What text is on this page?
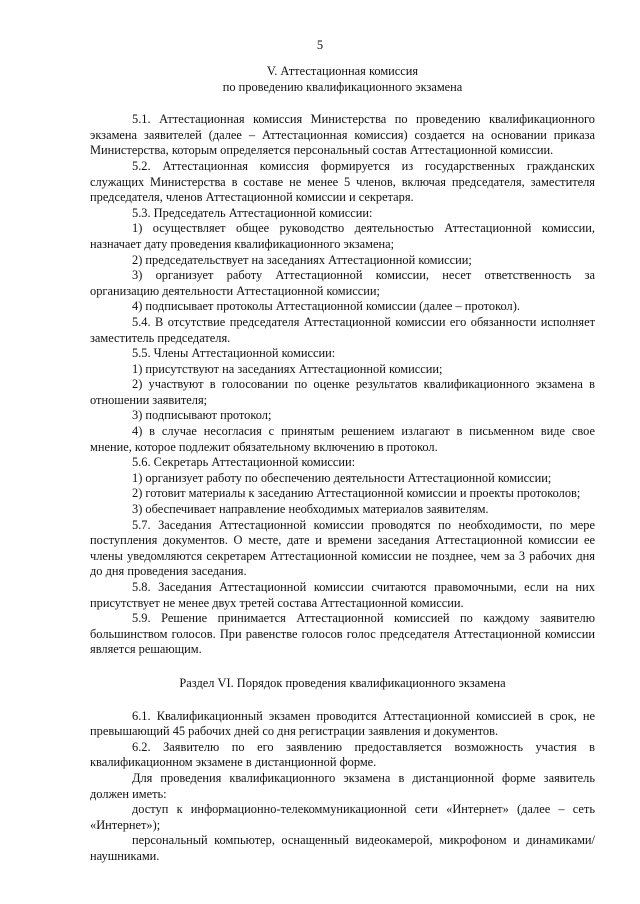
5

V. Аттестационная комиссия

по проведению квалификационного экзамена

5.1. Аттестационная комиссия Министерства по проведению квалификационного экзамена заявителей (далее – Аттестационная комиссия) создается на основании приказа Министерства, которым определяется персональный состав Аттестационной комиссии.

5.2. Аттестационная комиссия формируется из государственных гражданских служащих Министерства в составе не менее 5 членов, включая председателя, заместителя председателя, членов Аттестационной комиссии и секретаря.

5.3. Председатель Аттестационной комиссии:

1) осуществляет общее руководство деятельностью Аттестационной комиссии, назначает дату проведения квалификационного экзамена;

2) председательствует на заседаниях Аттестационной комиссии;

3) организует работу Аттестационной комиссии, несет ответственность за организацию деятельности Аттестационной комиссии;

4) подписывает протоколы Аттестационной комиссии (далее – протокол).

5.4. В отсутствие председателя Аттестационной комиссии его обязанности исполняет заместитель председателя.

5.5. Члены Аттестационной комиссии:

1) присутствуют на заседаниях Аттестационной комиссии;

2) участвуют в голосовании по оценке результатов квалификационного экзамена в отношении заявителя;

3) подписывают протокол;

4) в случае несогласия с принятым решением излагают в письменном виде свое мнение, которое подлежит обязательному включению в протокол.

5.6. Секретарь Аттестационной комиссии:

1) организует работу по обеспечению деятельности Аттестационной комиссии;

2) готовит материалы к заседанию Аттестационной комиссии и проекты протоколов;

3) обеспечивает направление необходимых материалов заявителям.

5.7. Заседания Аттестационной комиссии проводятся по необходимости, по мере поступления документов. О месте, дате и времени заседания Аттестационной комиссии ее члены уведомляются секретарем Аттестационной комиссии не позднее, чем за 3 рабочих дня до дня проведения заседания.

5.8. Заседания Аттестационной комиссии считаются правомочными, если на них присутствует не менее двух третей состава Аттестационной комиссии.

5.9. Решение принимается Аттестационной комиссией по каждому заявителю большинством голосов. При равенстве голосов голос председателя Аттестационной комиссии является решающим.

Раздел VI. Порядок проведения квалификационного экзамена

6.1. Квалификационный экзамен проводится Аттестационной комиссией в срок, не превышающий 45 рабочих дней со дня регистрации заявления и документов.

6.2. Заявителю по его заявлению предоставляется возможность участия в квалификационном экзамене в дистанционной форме.

Для проведения квалификационного экзамена в дистанционной форме заявитель должен иметь:

доступ к информационно-телекоммуникационной сети «Интернет» (далее – сеть «Интернет»);

персональный компьютер, оснащенный видеокамерой, микрофоном и динамиками/наушниками.
